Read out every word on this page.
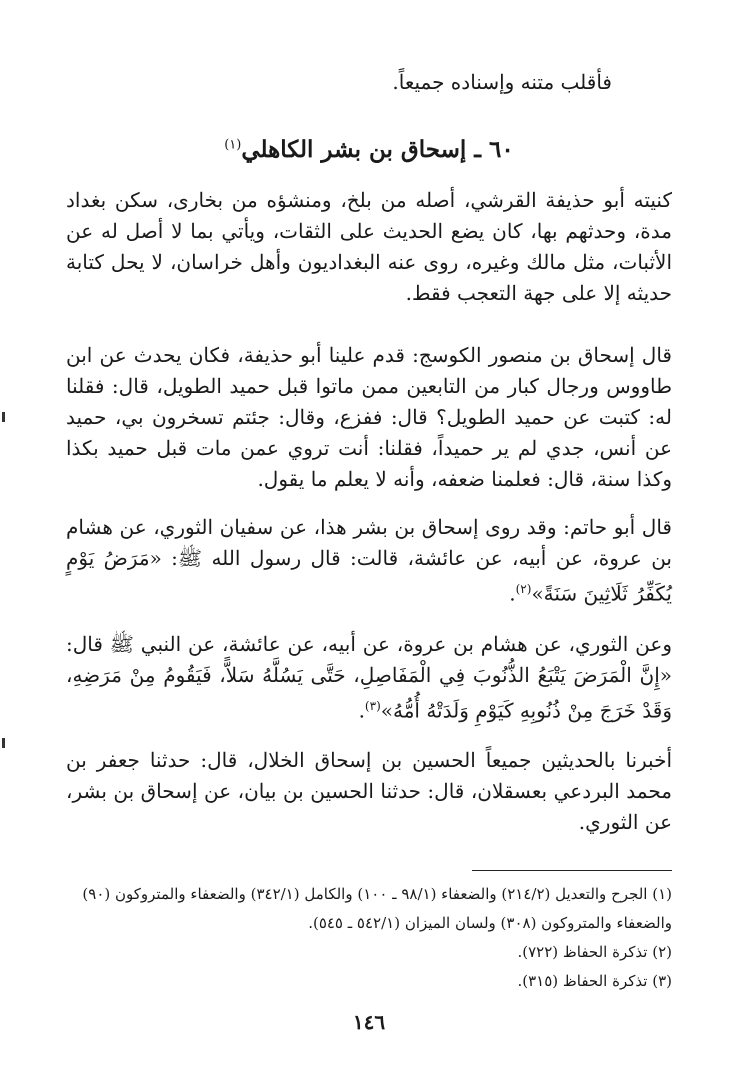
فأقلب متنه وإسناده جميعاً.
٦٠ ـ إسحاق بن بشر الكاهلي$^{(١)}$

كنيته أبو حذيفة القرشي، أصله من بلخ، ومنشؤه من بخارى، سكن بغداد مدة، وحدثهم بها، كان يضع الحديث على الثقات، ويأتي بما لا أصل له عن الأثبات، مثل مالك وغيره، روى عنه البغداديون وأهل خراسان، لا يحل كتابة حديثه إلا على جهة التعجب فقط.

قال إسحاق بن منصور الكوسج: قدم علينا أبو حذيفة، فكان يحدث عن ابن طاووس ورجال كبار من التابعين ممن ماتوا قبل حميد الطويل، قال: فقلنا له: كتبت عن حميد الطويل؟ قال: ففزع، وقال: جئتم تسخرون بي، حميد عن أنس، جدي لم ير حميداً، فقلنا: أنت تروي عمن مات قبل حميد بكذا وكذا سنة، قال: فعلمنا ضعفه، وأنه لا يعلم ما يقول.

قال أبو حاتم: وقد روى إسحاق بن بشر هذا، عن سفيان الثوري، عن هشام بن عروة، عن أبيه، عن عائشة، قالت: قال رسول الله ﷺ: «مَرَضُ يَوْمٍ يُكَفِّرُ ثَلَاثِينَ سَنَةً»$^{(٢)}$.

وعن الثوري، عن هشام بن عروة، عن أبيه، عن عائشة، عن النبي ﷺ قال: «إِنَّ الْمَرَضَ يَتْبَعُ الذُّنُوبَ فِي الْمَفَاصِلِ، حَتَّى يَسُلَّهُ سَلاًّ، فَيَقُومُ مِنْ مَرَضِهِ، وَقَدْ خَرَجَ مِنْ ذُنُوبِهِ كَيَوْمِ وَلَدَتْهُ أُمُّهُ»$^{(٣)}$.

أخبرنا بالحديثين جميعاً الحسين بن إسحاق الخلال، قال: حدثنا جعفر بن محمد البردعي بعسقلان، قال: حدثنا الحسين بن بيان، عن إسحاق بن بشر، عن الثوري.

(١) الجرح والتعديل (٢١٤/٢) والضعفاء (٩٨/١ ـ ١٠٠) والكامل (٣٤٢/١) والضعفاء والمتروكون (٩٠) والضعفاء والمتروكون (٣٠٨) ولسان الميزان (٥٤٢/١ ـ ٥٤٥).
(٢) تذكرة الحفاظ (٧٢٢).
(٣) تذكرة الحفاظ (٣١٥).
١٤٦
